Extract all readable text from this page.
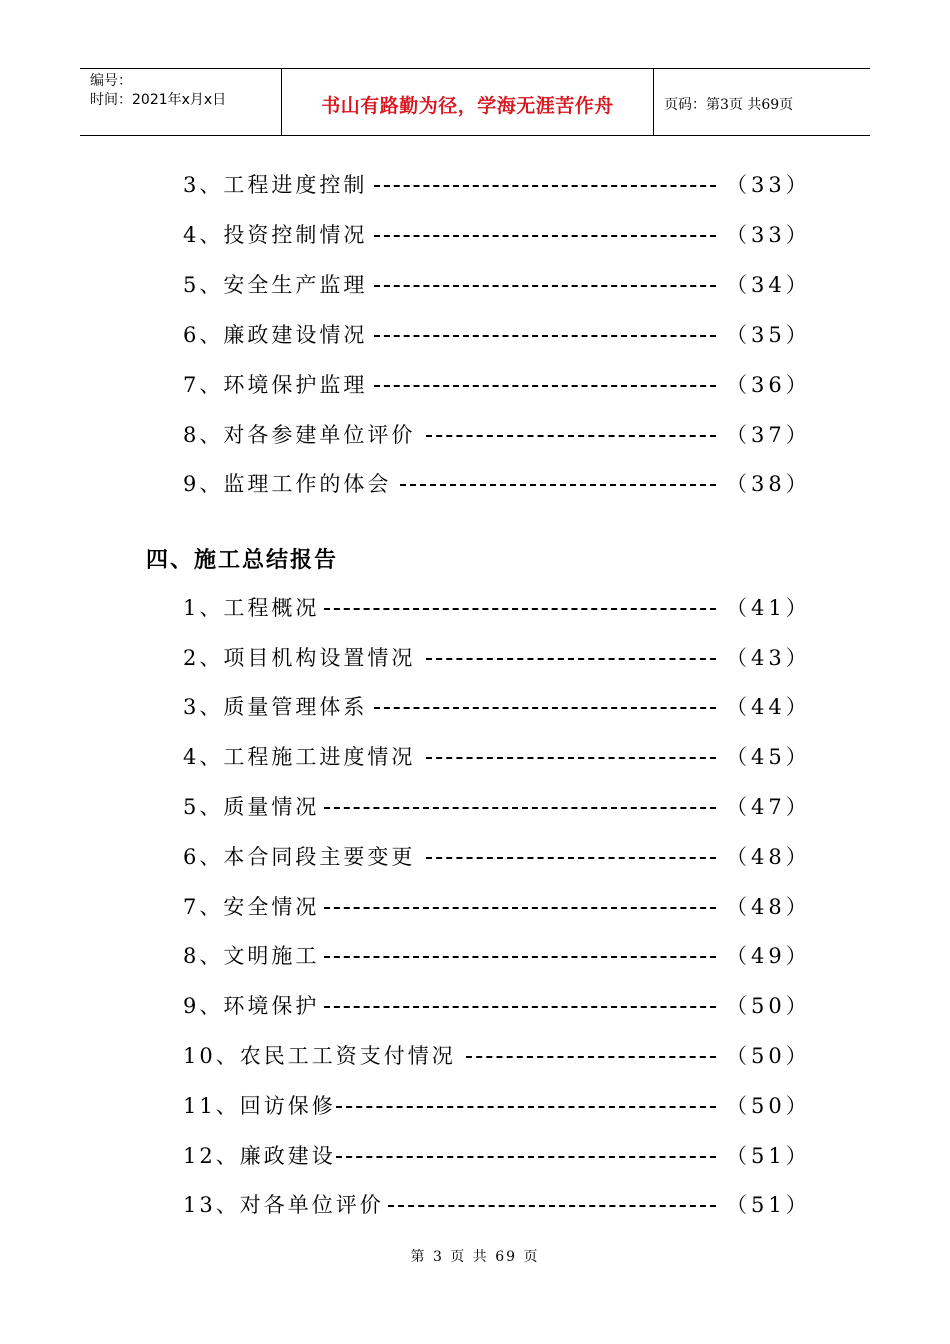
编号：
时间：2021年x月x日	书山有路勤为径，学海无涯苦作舟	页码：第3页 共69页
3、工程进度控制	（33）
4、投资控制情况	（33）
5、安全生产监理	（34）
6、廉政建设情况	（35）
7、环境保护监理	（36）
8、对各参建单位评价	（37）
9、监理工作的体会	（38）
四、施工总结报告
1、工程概况	（41）
2、项目机构设置情况	（43）
3、质量管理体系	（44）
4、工程施工进度情况	（45）
5、质量情况	（47）
6、本合同段主要变更	（48）
7、安全情况	（48）
8、文明施工	（49）
9、环境保护	（50）
10、农民工工资支付情况	（50）
11、回访保修	（50）
12、廉政建设	（51）
13、对各单位评价	（51）
第 3 页 共 69 页
